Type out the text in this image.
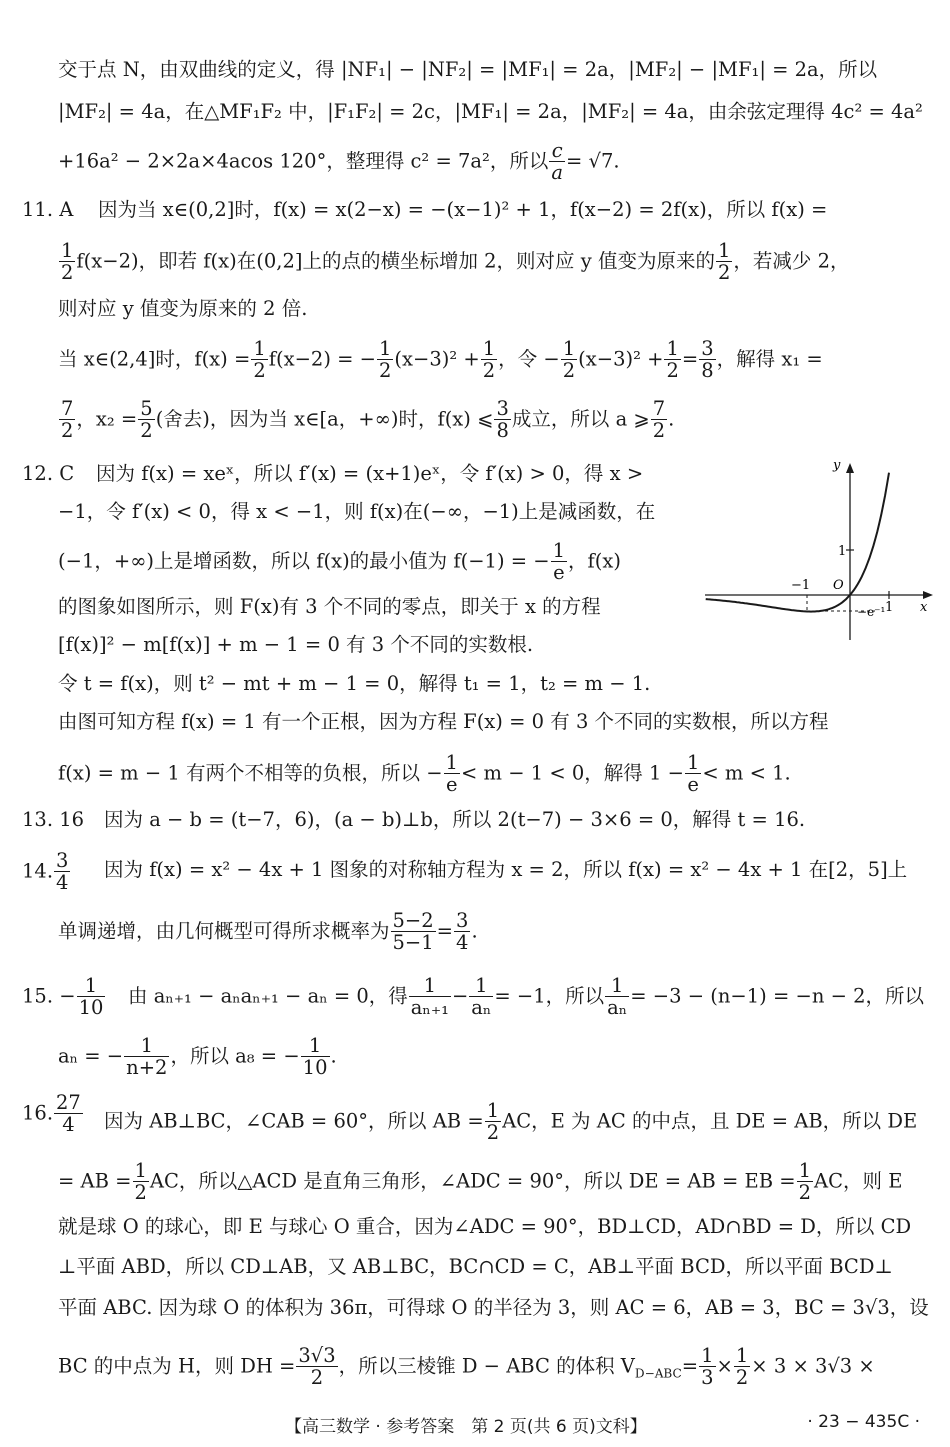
交于点 N，由双曲线的定义，得 |NF₁| − |NF₂| = |MF₁| = 2a，|MF₂| − |MF₁| = 2a，所以
|MF₂| = 4a，在△MF₁F₂ 中，|F₁F₂| = 2c，|MF₁| = 2a，|MF₂| = 4a，由余弦定理得 4c² = 4a²
+16a² − 2×2a×4acos 120°，整理得 c² = 7a²，所以 $\frac{c}{a} = √7$.
11. A 因为当 x∈(0,2]时，f(x) = x(2−x) = −(x−1)² + 1，f(x−2) = 2f(x)，所以 f(x) =
$\frac{1}{2} f(x-2)$，即若 f(x)在(0,2]上的点的横坐标增加 2，则对应 y 值变为原来的 $\frac{1}{2}$ ，若减少 2，
则对应 y 值变为原来的 2 倍.
当 x∈(2,4]时，$f(x) = \frac{1}{2} f(x-2)$ = − $\frac{1}{2} (x-3)^2 + \frac{1}{2}$ ，令 − $\frac{1}{2} (x-3)^2 + \frac{1}{2} = \frac{3}{8}$ ，解得 x₁ =
$\frac{7}{2}$ ，$x_2 = \frac{5}{2}$ (舍去)，因为当 x∈[a，+∞)时，f(x) ⩽ $\frac{3}{8}$ 成立，所以 a ⩾ $\frac{7}{2}$ .
12. C 因为 f(x) = xeˣ，所以 f′(x) = (x+1)eˣ，令 f′(x) > 0，得 x >
−1，令 f′(x) < 0，得 x < −1，则 f(x)在(−∞，−1)上是减函数，在
(−1，+∞)上是增函数，所以 f(x)的最小值为 f(−1) = − $\frac{1}{e}$ ，f(x)
的图象如图所示，则 F(x)有 3 个不同的零点，即关于 x 的方程
[f(x)]² − m[f(x)] + m − 1 = 0 有 3 个不同的实数根.
令 t = f(x)，则 t² − mt + m − 1 = 0，解得 t₁ = 1，t₂ = m − 1.
由图可知方程 f(x) = 1 有一个正根，因为方程 F(x) = 0 有 3 个不同的实数根，所以方程
f(x) = m − 1 有两个不相等的负根，所以 − $\frac{1}{e} < m - 1 < 0$，解得 $1 - \frac{1}{e} < m < 1$.
y
x
1
−1 O
−e⁻¹ 1
13. 16 因为 a − b = (t−7，6)，(a − b)⊥b，所以 2(t−7) − 3×6 = 0，解得 t = 16.
14. $\frac{3}{4}$ 因为 f(x) = x² − 4x + 1 图象的对称轴方程为 x = 2，所以 f(x) = x² − 4x + 1 在[2，5]上
单调递增，由几何概型可得所求概率为 $\frac{5-2}{5-1} = \frac{3}{4}$ .
15. − $\frac{1}{10}$ 由 aₙ₊₁ − aₙaₙ₊₁ − aₙ = 0，得 $\frac{1}{\text{aₙ₊₁}} - \frac{1}{\text{aₙ}} = -1$，所以 $\frac{1}{\text{aₙ}} = -3 - (n-1) = -n - 2$，所以
aₙ = − $\frac{1}{n+2}$ ，所以 a₈ = − $\frac{1}{10}$ .
16. $\frac{27}{4}$ 因为 AB⊥BC，∠CAB = 60°，所以 AB = $\frac{1}{2}$ AC，E 为 AC 的中点，且 DE = AB，所以 DE
= AB = $\frac{1}{2}$ AC，所以△ACD 是直角三角形，∠ADC = 90°，所以 DE = AB = EB = $\frac{1}{2}$ AC，则 E
就是球 O 的球心，即 E 与球心 O 重合，因为∠ADC = 90°，BD⊥CD，AD∩BD = D，所以 CD
⊥平面 ABD，所以 CD⊥AB，又 AB⊥BC，BC∩CD = C，AB⊥平面 BCD，所以平面 BCD⊥
平面 ABC. 因为球 O 的体积为 36π，可得球 O 的半径为 3，则 AC = 6，AB = 3，BC = 3√3，设
BC 的中点为 H，则 DH = $\frac{3√3}{2}$ ，所以三棱锥 D − ABC 的体积 $V_{D-ABC}= \frac{1}{3} \times \frac{1}{2} \times 3 \times 3√3$ ×
【高三数学 · 参考答案　第 2 页(共 6 页)文科】	· 23 − 435C ·
